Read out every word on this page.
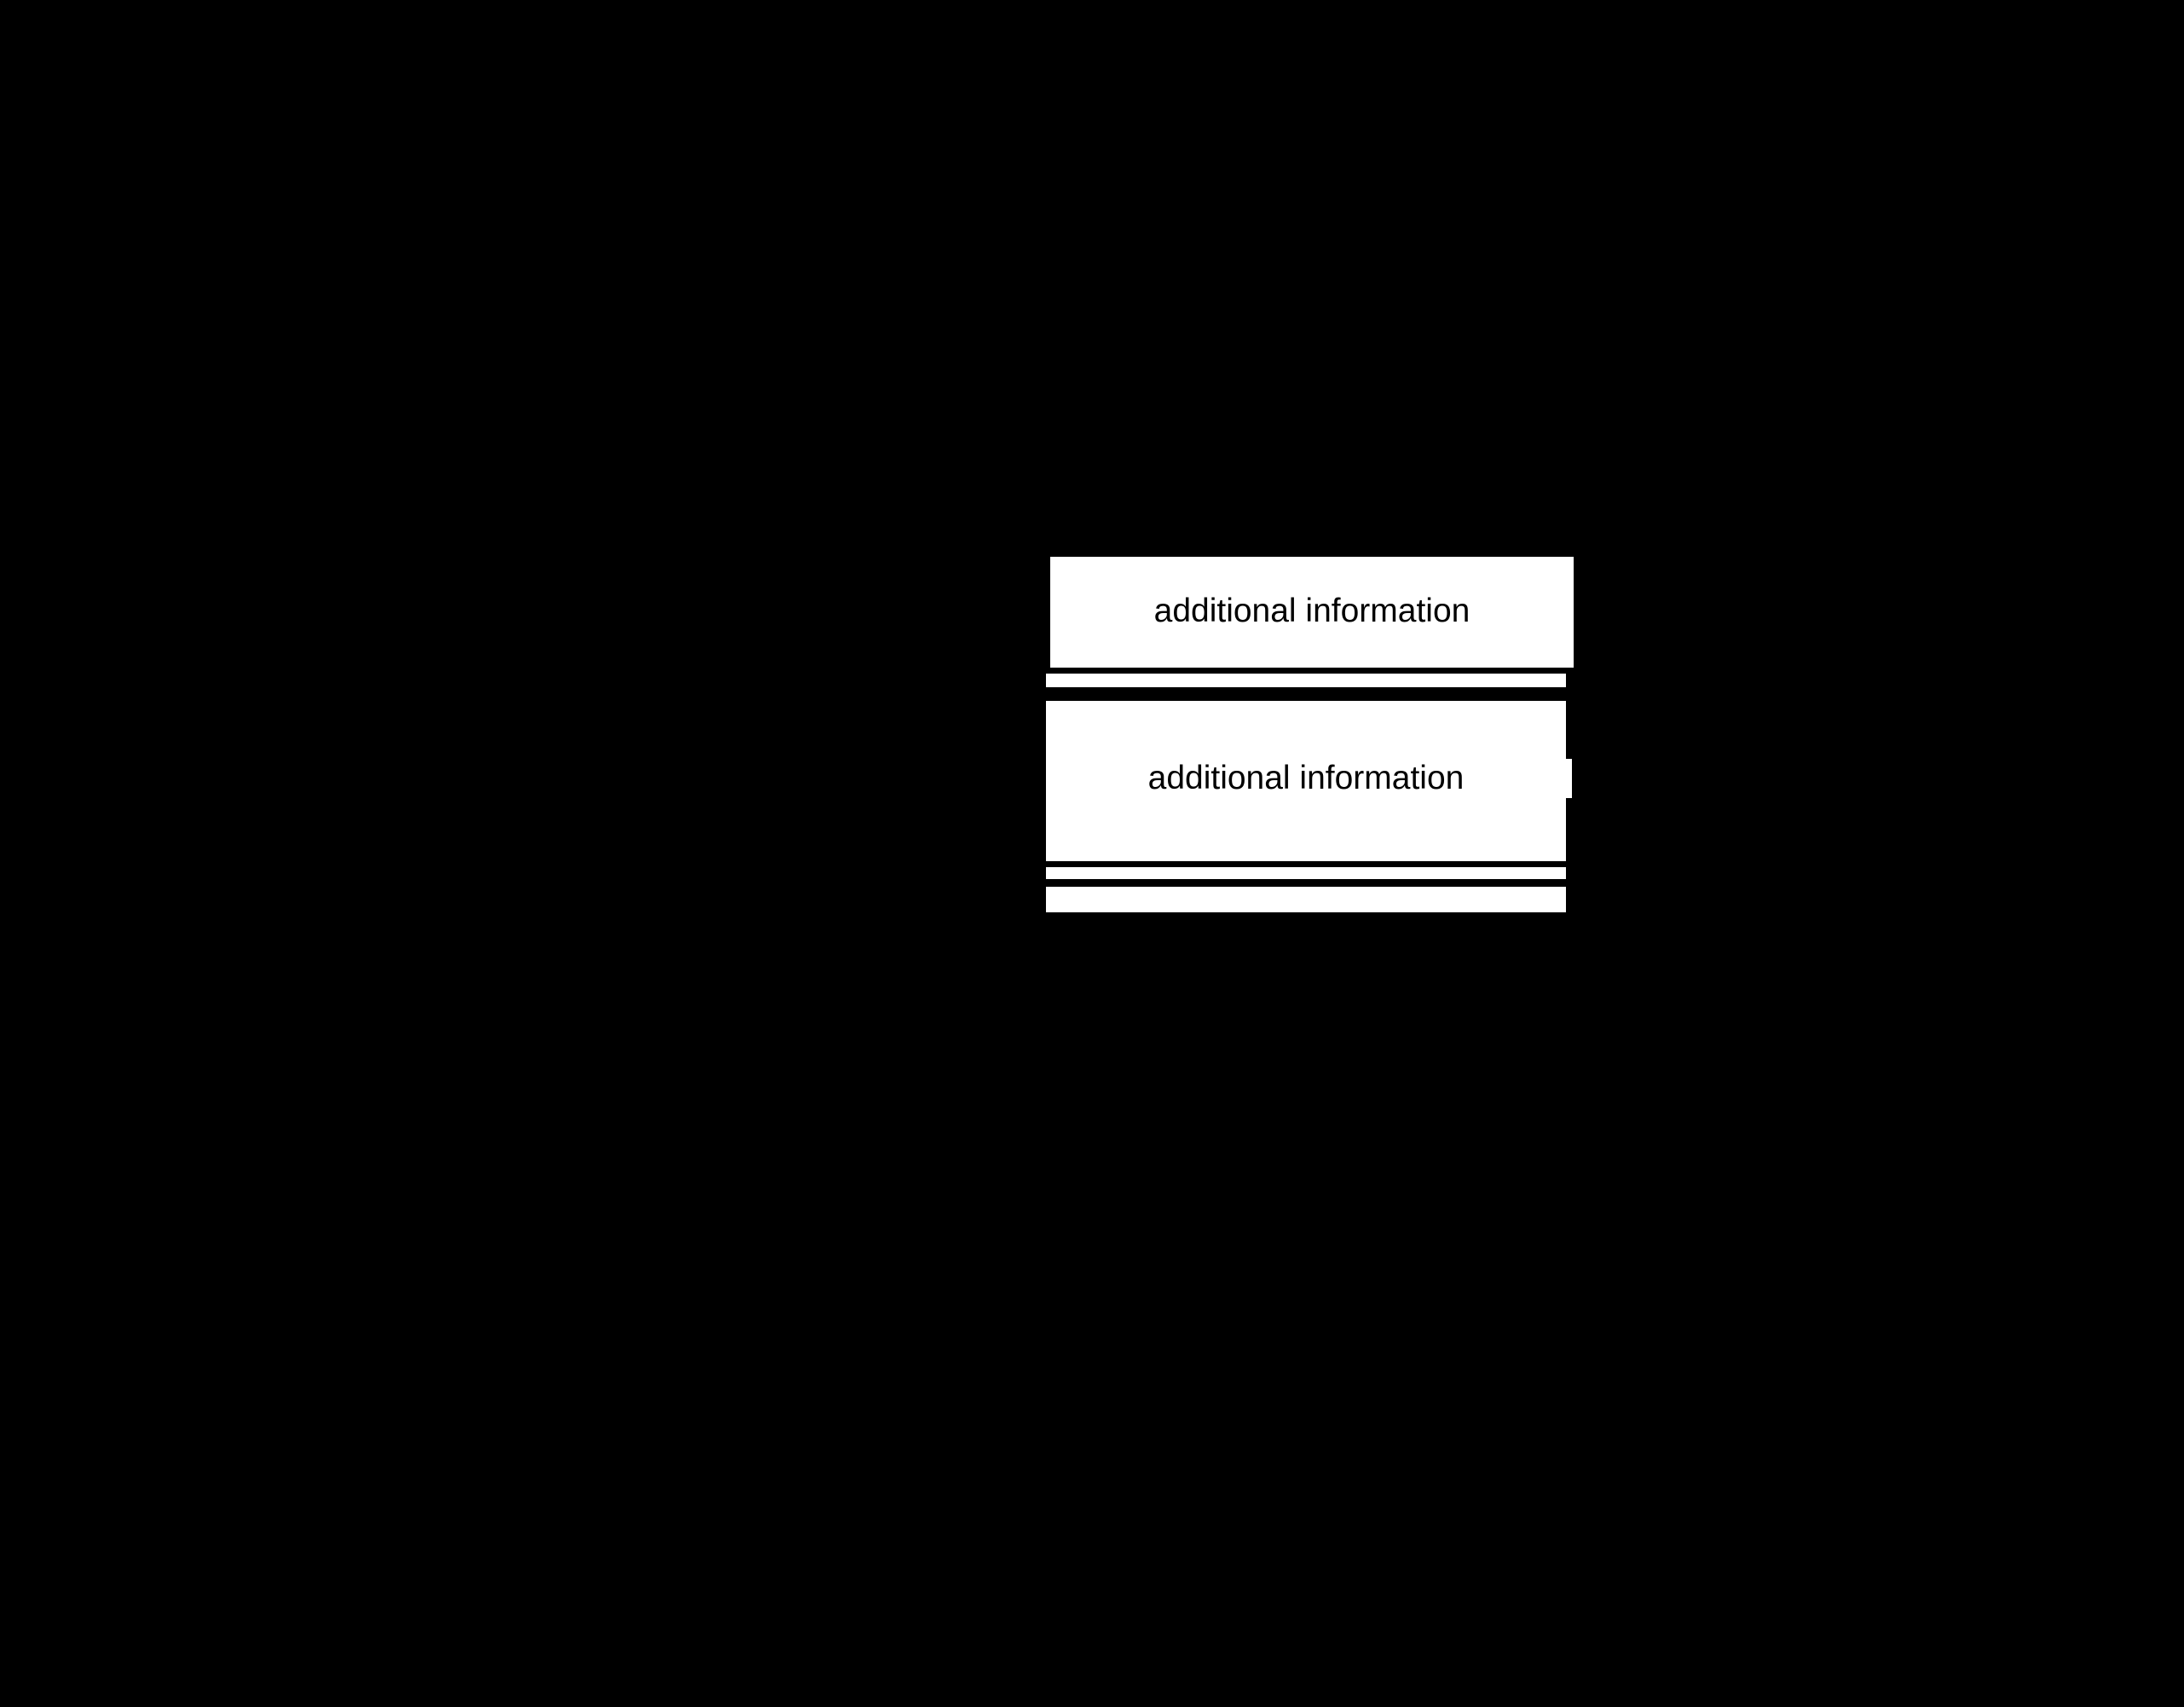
additional information
additional information
